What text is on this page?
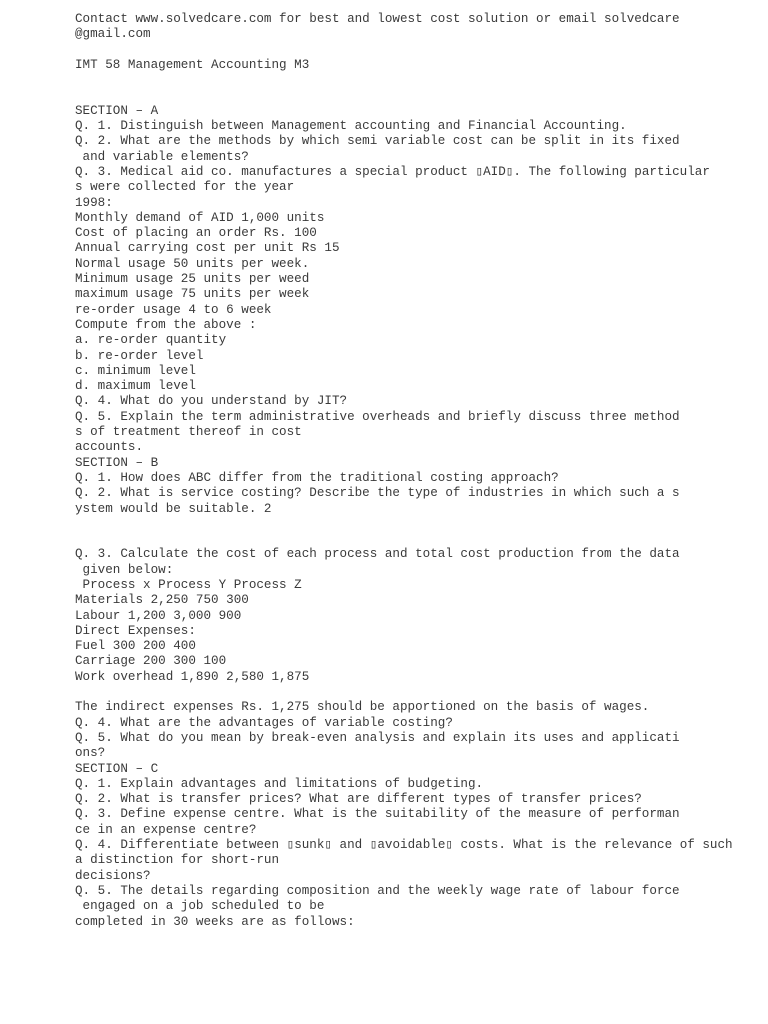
Contact www.solvedcare.com for best and lowest cost solution or email solvedcare
@gmail.com
IMT 58 Management Accounting M3
SECTION – A
Q. 1. Distinguish between Management accounting and Financial Accounting.
Q. 2. What are the methods by which semi variable cost can be split in its fixed
and variable elements?
Q. 3. Medical aid co. manufactures a special product ▯AID▯. The following particular
s were collected for the year
1998:
Monthly demand of AID 1,000 units
Cost of placing an order Rs. 100
Annual carrying cost per unit Rs 15
Normal usage 50 units per week.
Minimum usage 25 units per weed
maximum usage 75 units per week
re-order usage 4 to 6 week
Compute from the above :
a. re-order quantity
b. re-order level
c. minimum level
d. maximum level
Q. 4. What do you understand by JIT?
Q. 5. Explain the term administrative overheads and briefly discuss three method
s of treatment thereof in cost
accounts.
SECTION – B
Q. 1. How does ABC differ from the traditional costing approach?
Q. 2. What is service costing? Describe the type of industries in which such a s
ystem would be suitable. 2
Q. 3. Calculate the cost of each process and total cost production from the data
given below:
Process x Process Y Process Z
Materials 2,250 750 300
Labour 1,200 3,000 900
Direct Expenses:
Fuel 300 200 400
Carriage 200 300 100
Work overhead 1,890 2,580 1,875
The indirect expenses Rs. 1,275 should be apportioned on the basis of wages.
Q. 4. What are the advantages of variable costing?
Q. 5. What do you mean by break-even analysis and explain its uses and applicati
ons?
SECTION – C
Q. 1. Explain advantages and limitations of budgeting.
Q. 2. What is transfer prices? What are different types of transfer prices?
Q. 3. Define expense centre. What is the suitability of the measure of performan
ce in an expense centre?
Q. 4. Differentiate between ▯sunk▯ and ▯avoidable▯ costs. What is the relevance of such
a distinction for short-run
decisions?
Q. 5. The details regarding composition and the weekly wage rate of labour force
engaged on a job scheduled to be
completed in 30 weeks are as follows:
